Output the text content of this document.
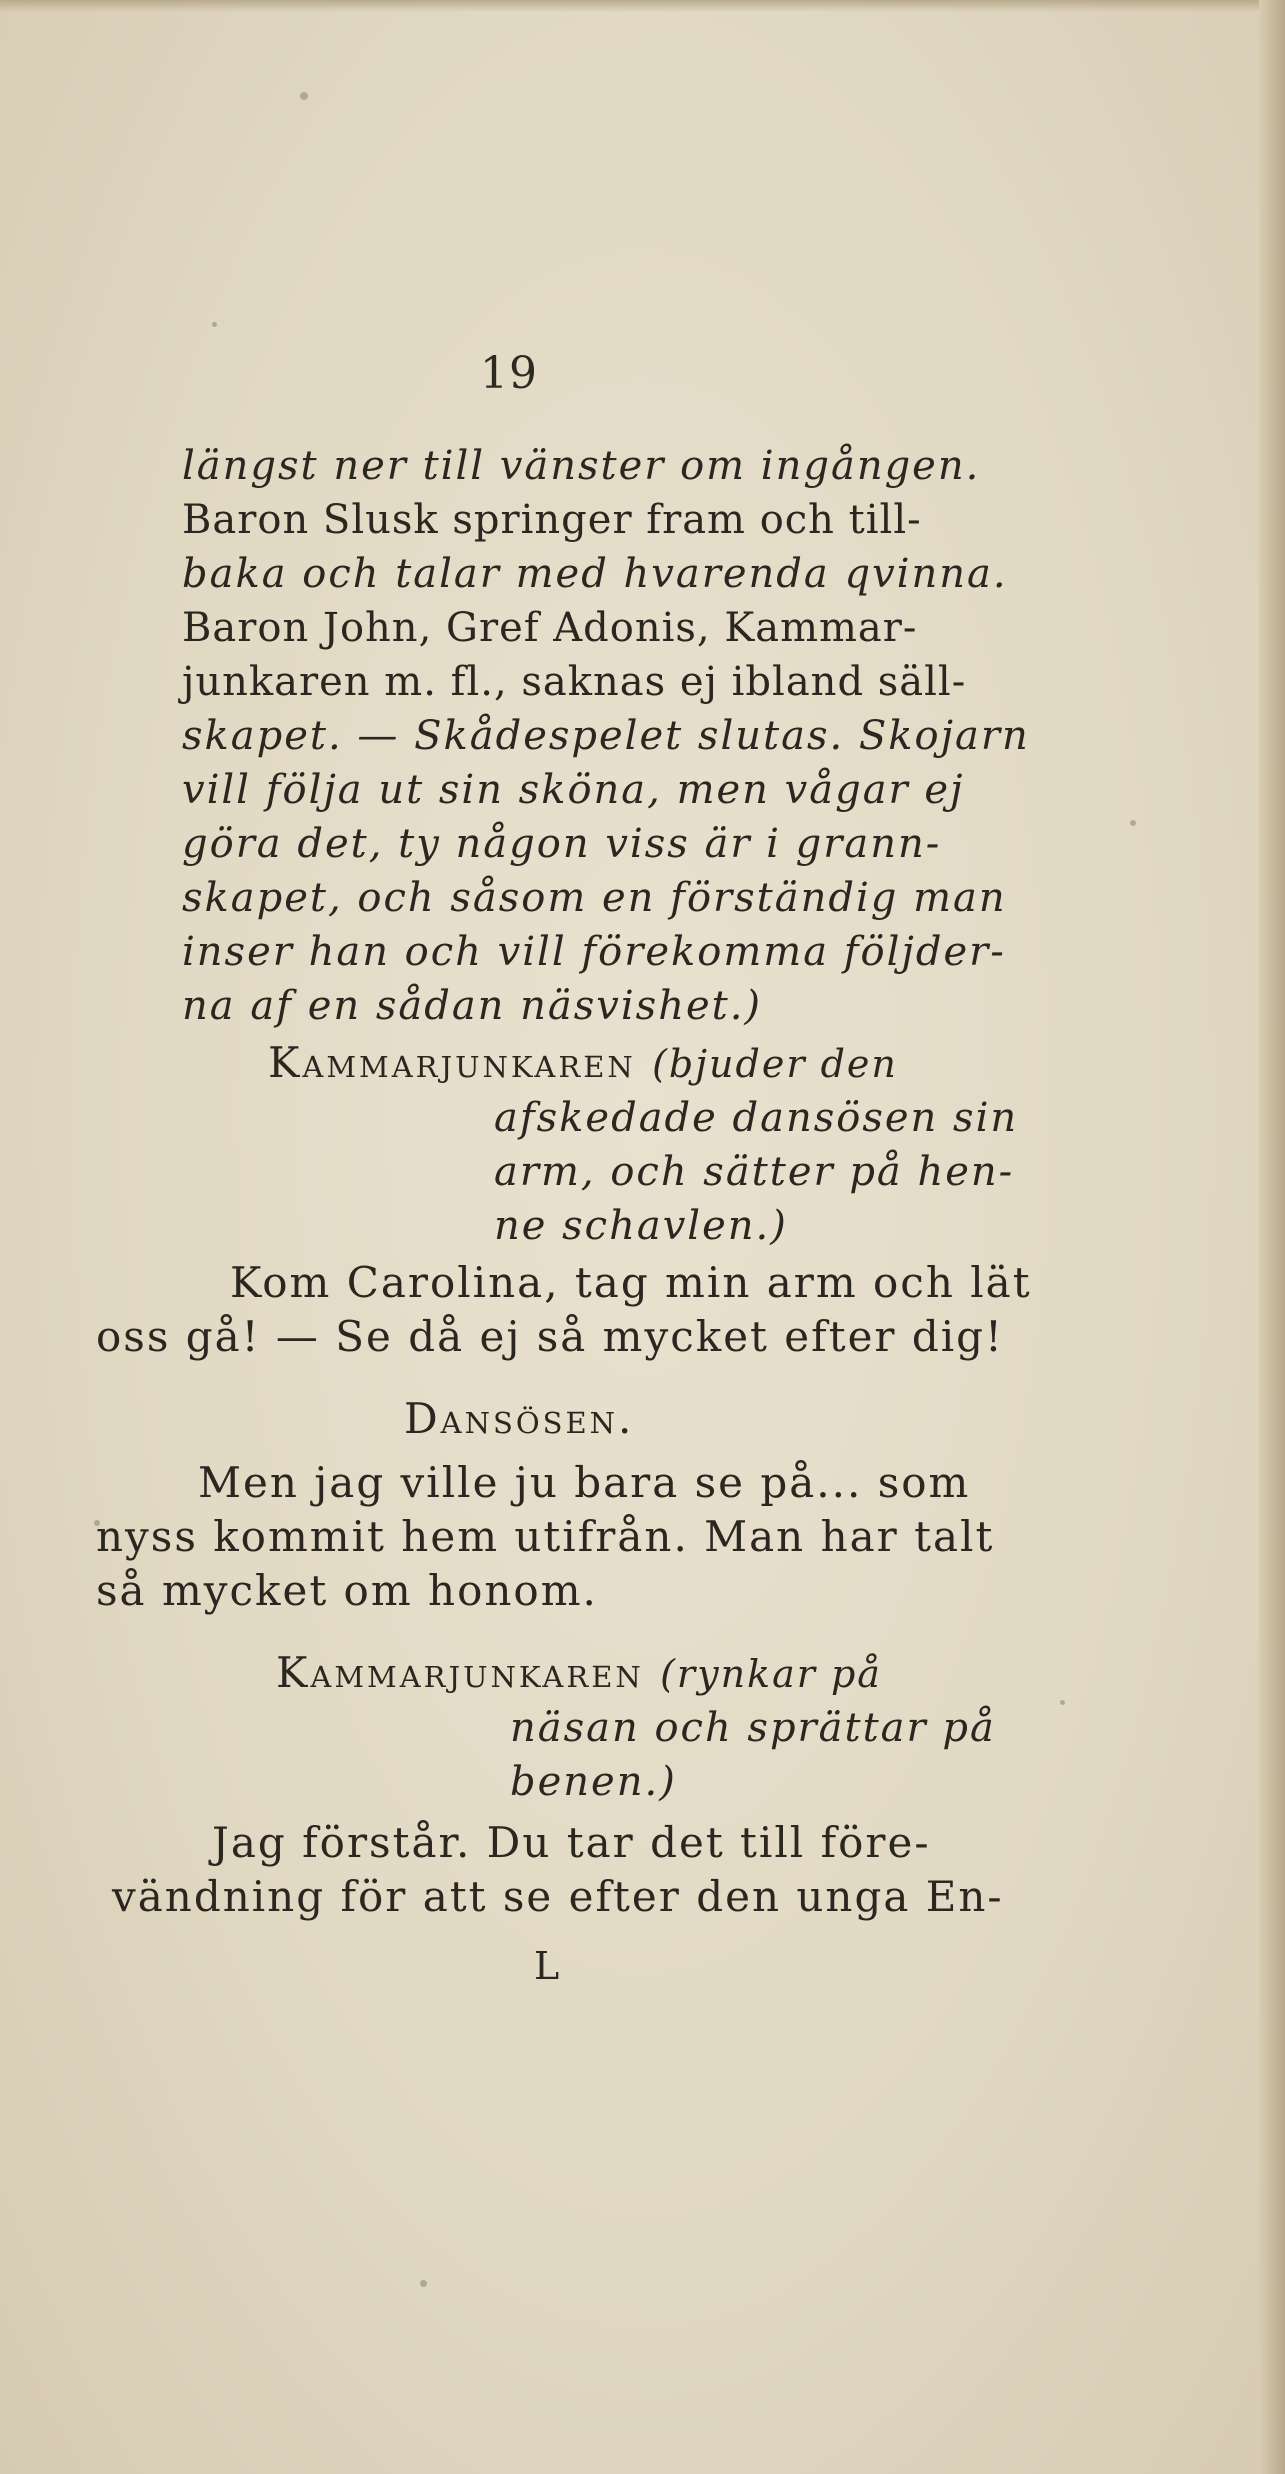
19
längst ner till vänster om ingången.
Baron Slusk springer fram och till-
baka och talar med hvarenda qvinna.
Baron John, Gref Adonis, Kammar-
junkaren m. fl., saknas ej ibland säll-
skapet. — Skådespelet slutas. Skojarn
vill följa ut sin sköna, men vågar ej
göra det, ty någon viss är i grann-
skapet, och såsom en förständig man
inser han och vill förekomma följder-
na af en sådan näsvishet.)
Kammarjunkaren (bjuder den
afskedade dansösen sin
arm, och sätter på hen-
ne schavlen.)
Kom Carolina, tag min arm och lät
oss gå! — Se då ej så mycket efter dig!
Dansösen.
Men jag ville ju bara se på... som
nyss kommit hem utifrån. Man har talt
så mycket om honom.
Kammarjunkaren (rynkar på
näsan och sprättar på
benen.)
Jag förstår. Du tar det till före-
vändning för att se efter den unga En-
L
